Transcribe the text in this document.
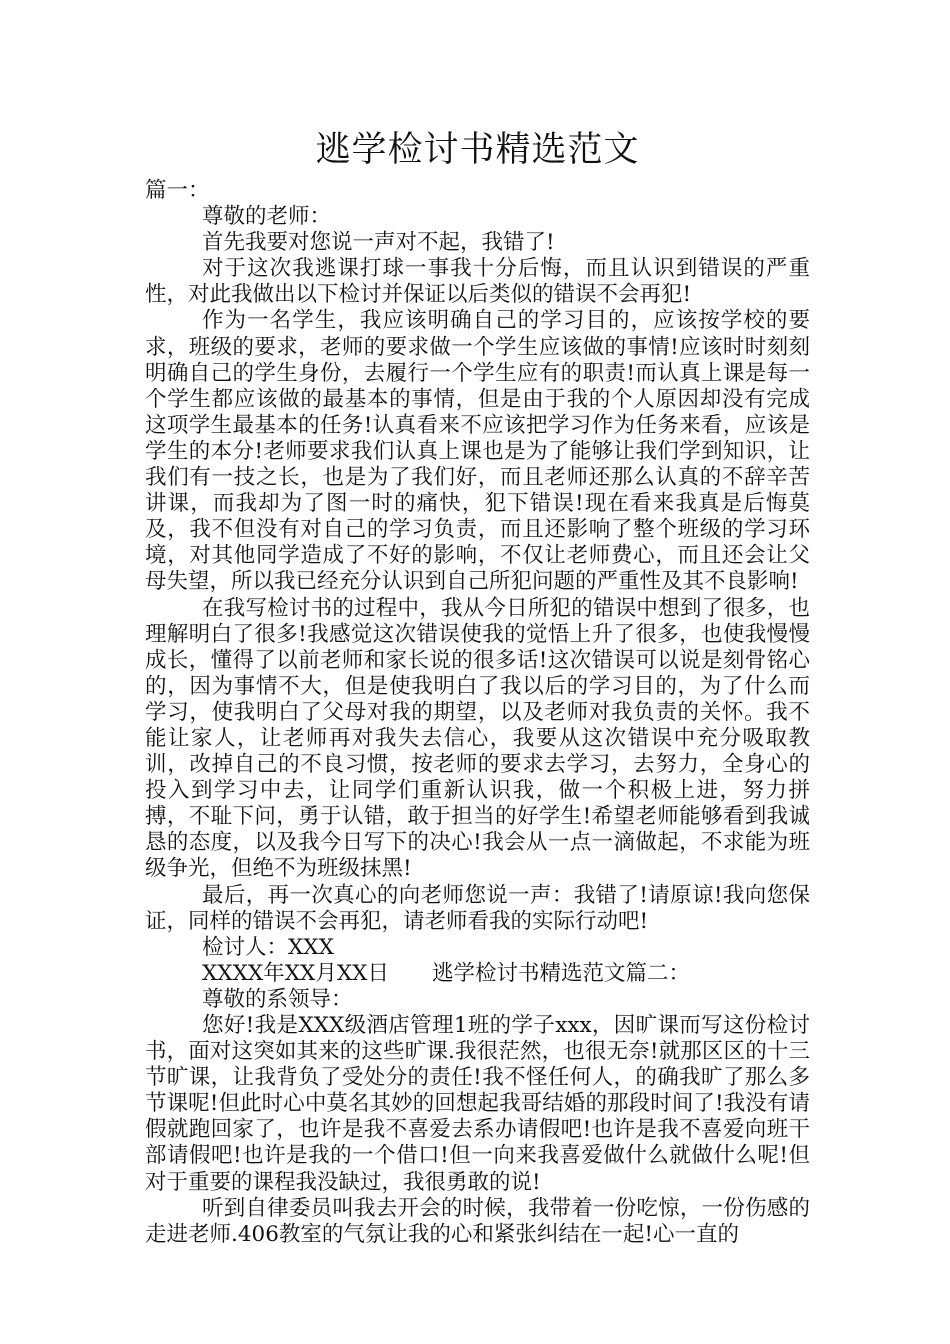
逃学检讨书精选范文

篇一：

尊敬的老师：

首先我要对您说一声对不起，我错了!

对于这次我逃课打球一事我十分后悔，而且认识到错误的严重性，对此我做出以下检讨并保证以后类似的错误不会再犯!

作为一名学生，我应该明确自己的学习目的，应该按学校的要求，班级的要求，老师的要求做一个学生应该做的事情!应该时时刻刻明确自己的学生身份，去履行一个学生应有的职责!而认真上课是每一个学生都应该做的最基本的事情，但是由于我的个人原因却没有完成这项学生最基本的任务!认真看来不应该把学习作为任务来看，应该是学生的本分!老师要求我们认真上课也是为了能够让我们学到知识，让我们有一技之长，也是为了我们好，而且老师还那么认真的不辞辛苦讲课，而我却为了图一时的痛快，犯下错误!现在看来我真是后悔莫及，我不但没有对自己的学习负责，而且还影响了整个班级的学习环境，对其他同学造成了不好的影响，不仅让老师费心，而且还会让父母失望，所以我已经充分认识到自己所犯问题的严重性及其不良影响!

在我写检讨书的过程中，我从今日所犯的错误中想到了很多，也理解明白了很多!我感觉这次错误使我的觉悟上升了很多，也使我慢慢成长，懂得了以前老师和家长说的很多话!这次错误可以说是刻骨铭心的，因为事情不大，但是使我明白了我以后的学习目的，为了什么而学习，使我明白了父母对我的期望，以及老师对我负责的关怀。我不能让家人，让老师再对我失去信心，我要从这次错误中充分吸取教训，改掉自己的不良习惯，按老师的要求去学习，去努力，全身心的投入到学习中去，让同学们重新认识我，做一个积极上进，努力拼搏，不耻下问，勇于认错，敢于担当的好学生!希望老师能够看到我诚恳的态度，以及我今日写下的决心!我会从一点一滴做起，不求能为班级争光，但绝不为班级抹黑!

最后，再一次真心的向老师您说一声：我错了!请原谅!我向您保证，同样的错误不会再犯，请老师看我的实际行动吧!

检讨人：XXX

XXXX年XX月XX日　　逃学检讨书精选范文篇二：

尊敬的系领导：

您好!我是XXX级酒店管理1班的学子xxx，因旷课而写这份检讨书，面对这突如其来的这些旷课.我很茫然，也很无奈!就那区区的十三节旷课，让我背负了受处分的责任!我不怪任何人，的确我旷了那么多节课呢!但此时心中莫名其妙的回想起我哥结婚的那段时间了!我没有请假就跑回家了，也许是我不喜爱去系办请假吧!也许是我不喜爱向班干部请假吧!也许是我的一个借口!但一向来我喜爱做什么就做什么呢!但对于重要的课程我没缺过，我很勇敢的说!

听到自律委员叫我去开会的时候，我带着一份吃惊，一份伤感的走进老师.406教室的气氛让我的心和紧张纠结在一起!心一直的
